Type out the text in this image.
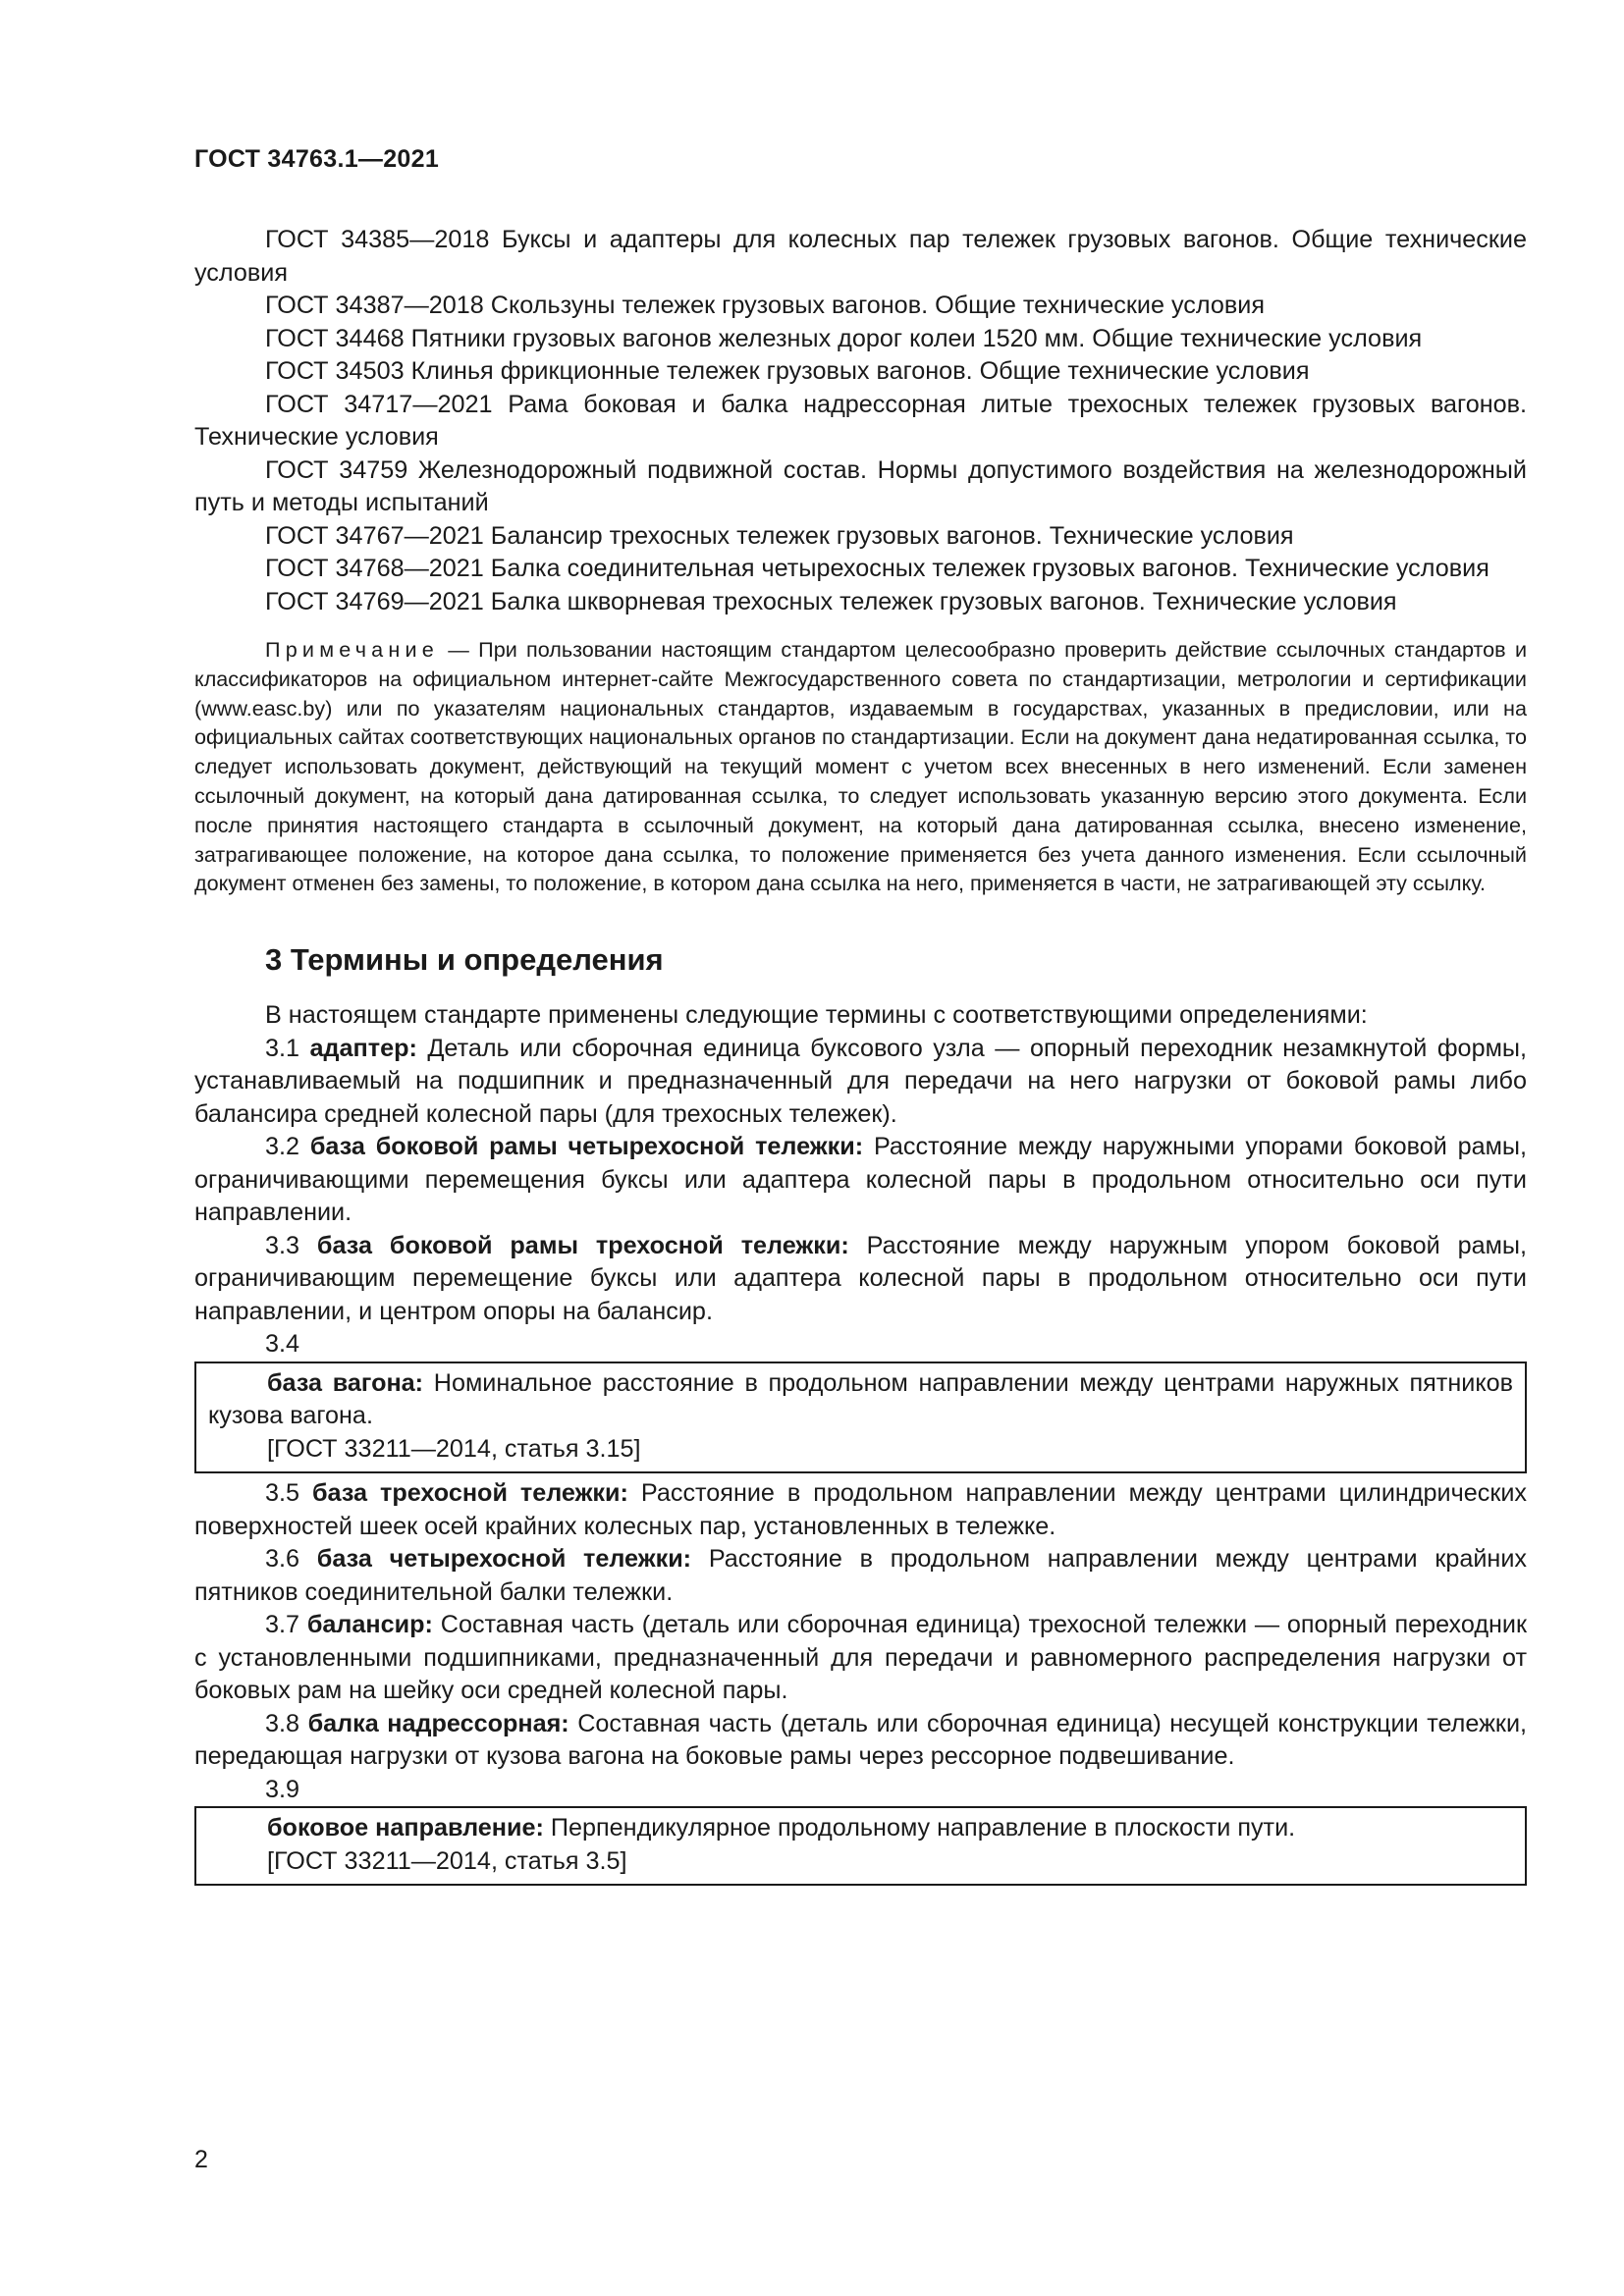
ГОСТ 34763.1—2021

ГОСТ 34385—2018 Буксы и адаптеры для колесных пар тележек грузовых вагонов. Общие технические условия

ГОСТ 34387—2018 Скользуны тележек грузовых вагонов. Общие технические условия

ГОСТ 34468 Пятники грузовых вагонов железных дорог колеи 1520 мм. Общие технические условия

ГОСТ 34503 Клинья фрикционные тележек грузовых вагонов. Общие технические условия

ГОСТ 34717—2021 Рама боковая и балка надрессорная литые трехосных тележек грузовых вагонов. Технические условия

ГОСТ 34759 Железнодорожный подвижной состав. Нормы допустимого воздействия на железнодорожный путь и методы испытаний

ГОСТ 34767—2021 Балансир трехосных тележек грузовых вагонов. Технические условия

ГОСТ 34768—2021 Балка соединительная четырехосных тележек грузовых вагонов. Технические условия

ГОСТ 34769—2021 Балка шкворневая трехосных тележек грузовых вагонов. Технические условия

Примечание — При пользовании настоящим стандартом целесообразно проверить действие ссылочных стандартов и классификаторов на официальном интернет-сайте Межгосударственного совета по стандартизации, метрологии и сертификации (www.easc.by) или по указателям национальных стандартов, издаваемым в государствах, указанных в предисловии, или на официальных сайтах соответствующих национальных органов по стандартизации. Если на документ дана недатированная ссылка, то следует использовать документ, действующий на текущий момент с учетом всех внесенных в него изменений. Если заменен ссылочный документ, на который дана датированная ссылка, то следует использовать указанную версию этого документа. Если после принятия настоящего стандарта в ссылочный документ, на который дана датированная ссылка, внесено изменение, затрагивающее положение, на которое дана ссылка, то положение применяется без учета данного изменения. Если ссылочный документ отменен без замены, то положение, в котором дана ссылка на него, применяется в части, не затрагивающей эту ссылку.

3 Термины и определения

В настоящем стандарте применены следующие термины с соответствующими определениями:

3.1 адаптер: Деталь или сборочная единица буксового узла — опорный переходник незамкнутой формы, устанавливаемый на подшипник и предназначенный для передачи на него нагрузки от боковой рамы либо балансира средней колесной пары (для трехосных тележек).

3.2 база боковой рамы четырехосной тележки: Расстояние между наружными упорами боковой рамы, ограничивающими перемещения буксы или адаптера колесной пары в продольном относительно оси пути направлении.

3.3 база боковой рамы трехосной тележки: Расстояние между наружным упором боковой рамы, ограничивающим перемещение буксы или адаптера колесной пары в продольном относительно оси пути направлении, и центром опоры на балансир.

3.4

база вагона: Номинальное расстояние в продольном направлении между центрами наружных пятников кузова вагона.

[ГОСТ 33211—2014, статья 3.15]

3.5 база трехосной тележки: Расстояние в продольном направлении между центрами цилиндрических поверхностей шеек осей крайних колесных пар, установленных в тележке.

3.6 база четырехосной тележки: Расстояние в продольном направлении между центрами крайних пятников соединительной балки тележки.

3.7 балансир: Составная часть (деталь или сборочная единица) трехосной тележки — опорный переходник с установленными подшипниками, предназначенный для передачи и равномерного распределения нагрузки от боковых рам на шейку оси средней колесной пары.

3.8 балка надрессорная: Составная часть (деталь или сборочная единица) несущей конструкции тележки, передающая нагрузки от кузова вагона на боковые рамы через рессорное подвешивание.

3.9

боковое направление: Перпендикулярное продольному направление в плоскости пути.

[ГОСТ 33211—2014, статья 3.5]
2
